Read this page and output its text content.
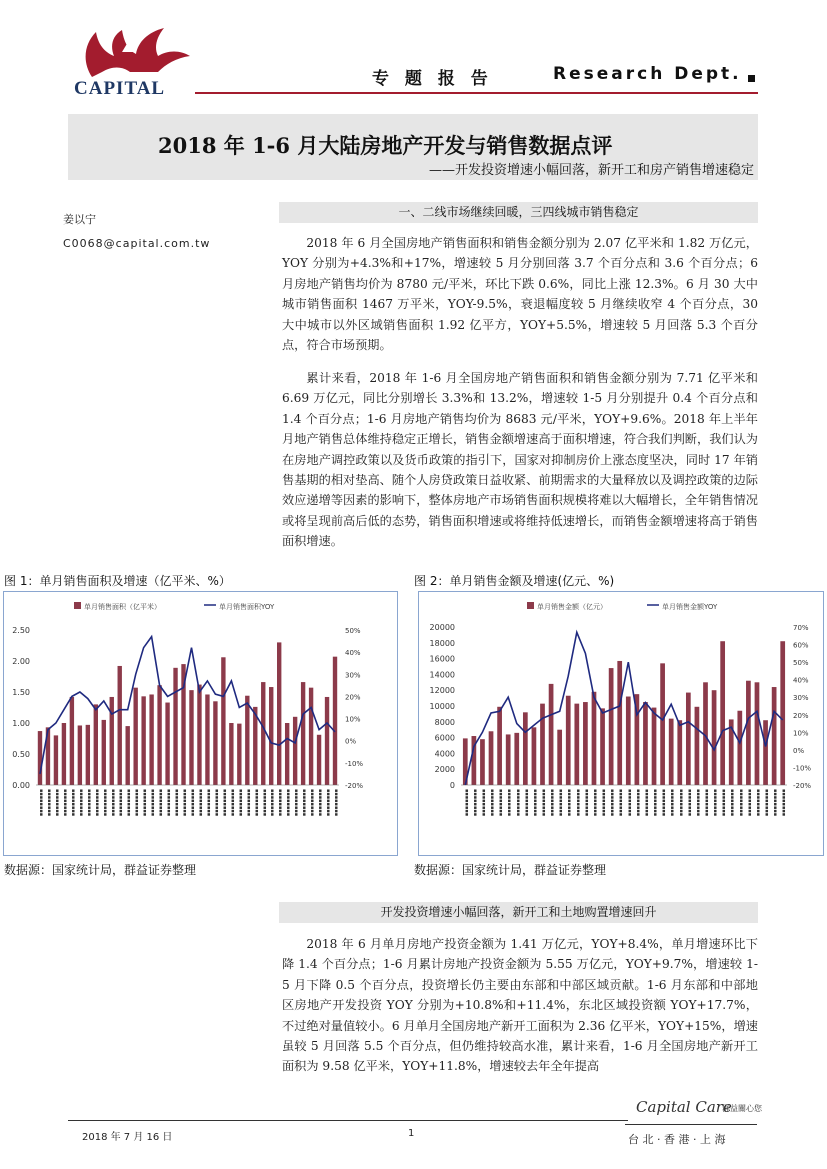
CAPITAL	专 题 报 告	Research Dept.
2018 年 1-6 月大陆房地产开发与销售数据点评
——开发投资增速小幅回落，新开工和房产销售增速稳定
姜以宁
C0068@capital.com.tw
一、二线市场继续回暖，三四线城市销售稳定
2018 年 6 月全国房地产销售面积和销售金额分别为 2.07 亿平米和 1.82 万亿元，YOY 分别为+4.3%和+17%，增速较 5 月分别回落 3.7 个百分点和 3.6 个百分点；6 月房地产销售均价为 8780 元/平米，环比下跌 0.6%，同比上涨 12.3%。6 月 30 大中城市销售面积 1467 万平米，YOY-9.5%，衰退幅度较 5 月继续收窄 4 个百分点，30 大中城市以外区域销售面积 1.92 亿平方，YOY+5.5%，增速较 5 月回落 5.3 个百分点，符合市场预期。
累计来看，2018 年 1-6 月全国房地产销售面积和销售金额分别为 7.71 亿平米和 6.69 万亿元，同比分别增长 3.3%和 13.2%，增速较 1-5 月分别提升 0.4 个百分点和 1.4 个百分点；1-6 月房地产销售均价为 8683 元/平米，YOY+9.6%。2018 年上半年月地产销售总体维持稳定正增长，销售金额增速高于面积增速，符合我们判断，我们认为在房地产调控政策以及货币政策的指引下，国家对抑制房价上涨态度坚决，同时 17 年销售基期的相对垫高、随个人房贷政策日益收紧、前期需求的大量释放以及调控政策的边际效应递增等因素的影响下，整体房地产市场销售面积规模将难以大幅增长，全年销售情况或将呈现前高后低的态势，销售面积增速或将维持低速增长，而销售金额增速将高于销售面积增速。
图 1：单月销售面积及增速（亿平米、%）	图 2：单月销售金额及增速(亿元、%)
单月销售面积（亿平米）	单月销售面积YOY
0.00
0.50
1.00
1.50
2.00
2.50
-20%
-10%
0%
10%
20%
30%
40%
50%
▪▪▪▪▪▪▪▪ ▪▪▪▪▪▪▪▪ ▪▪▪▪▪▪▪▪ ▪▪▪▪▪▪▪▪ ▪▪▪▪▪▪▪▪ ▪▪▪▪▪▪▪▪ ▪▪▪▪▪▪▪▪ ▪▪▪▪▪▪▪▪ ▪▪▪▪▪▪▪▪ ▪▪▪▪▪▪▪▪ ▪▪▪▪▪▪▪▪ ▪▪▪▪▪▪▪▪ ▪▪▪▪▪▪▪▪ ▪▪▪▪▪▪▪▪ ▪▪▪▪▪▪▪▪ ▪▪▪▪▪▪▪▪ ▪▪▪▪▪▪▪▪ ▪▪▪▪▪▪▪▪ ▪▪▪▪▪▪▪▪ ▪▪▪▪▪▪▪▪ ▪▪▪▪▪▪▪▪ ▪▪▪▪▪▪▪▪ ▪▪▪▪▪▪▪▪ ▪▪▪▪▪▪▪▪ ▪▪▪▪▪▪▪▪ ▪▪▪▪▪▪▪▪ ▪▪▪▪▪▪▪▪ ▪▪▪▪▪▪▪▪ ▪▪▪▪▪▪▪▪ ▪▪▪▪▪▪▪▪ ▪▪▪▪▪▪▪▪ ▪▪▪▪▪▪▪▪ ▪▪▪▪▪▪▪▪ ▪▪▪▪▪▪▪▪ ▪▪▪▪▪▪▪▪ ▪▪▪▪▪▪▪▪ ▪▪▪▪▪▪▪▪ ▪▪▪▪▪▪▪▪
单月销售金额（亿元）	单月销售金额YOY
0
2000
4000
6000
8000
10000
12000
14000
16000
18000
20000
-20%
-10%
0%
10%
20%
30%
40%
50%
60%
70%
▪▪▪▪▪▪▪▪ ▪▪▪▪▪▪▪▪ ▪▪▪▪▪▪▪▪ ▪▪▪▪▪▪▪▪ ▪▪▪▪▪▪▪▪ ▪▪▪▪▪▪▪▪ ▪▪▪▪▪▪▪▪ ▪▪▪▪▪▪▪▪ ▪▪▪▪▪▪▪▪ ▪▪▪▪▪▪▪▪ ▪▪▪▪▪▪▪▪ ▪▪▪▪▪▪▪▪ ▪▪▪▪▪▪▪▪ ▪▪▪▪▪▪▪▪ ▪▪▪▪▪▪▪▪ ▪▪▪▪▪▪▪▪ ▪▪▪▪▪▪▪▪ ▪▪▪▪▪▪▪▪ ▪▪▪▪▪▪▪▪ ▪▪▪▪▪▪▪▪ ▪▪▪▪▪▪▪▪ ▪▪▪▪▪▪▪▪ ▪▪▪▪▪▪▪▪ ▪▪▪▪▪▪▪▪ ▪▪▪▪▪▪▪▪ ▪▪▪▪▪▪▪▪ ▪▪▪▪▪▪▪▪ ▪▪▪▪▪▪▪▪ ▪▪▪▪▪▪▪▪ ▪▪▪▪▪▪▪▪ ▪▪▪▪▪▪▪▪ ▪▪▪▪▪▪▪▪ ▪▪▪▪▪▪▪▪ ▪▪▪▪▪▪▪▪ ▪▪▪▪▪▪▪▪ ▪▪▪▪▪▪▪▪ ▪▪▪▪▪▪▪▪ ▪▪▪▪▪▪▪▪
数据源：国家统计局，群益证券整理	数据源：国家统计局，群益证券整理
开发投资增速小幅回落，新开工和土地购置增速回升
2018 年 6 月单月房地产投资金额为 1.41 万亿元，YOY+8.4%，单月增速环比下降 1.4 个百分点；1-6 月累计房地产投资金额为 5.55 万亿元，YOY+9.7%，增速较 1-5 月下降 0.5 个百分点，投资增长仍主要由东部和中部区域贡献。1-6 月东部和中部地区房地产开发投资 YOY 分别为+10.8%和+11.4%，东北区域投资额 YOY+17.7%，不过绝对量值较小。6 月单月全国房地产新开工面积为 2.36 亿平米，YOY+15%，增速虽较 5 月回落 5.5 个百分点，但仍维持较高水准，累计来看，1-6 月全国房地产新开工面积为 9.58 亿平米，YOY+11.8%，增速较去年全年提高
2018 年 7 月 16 日	1
Capital Care
群益關心您
台 北 · 香 港 · 上 海
